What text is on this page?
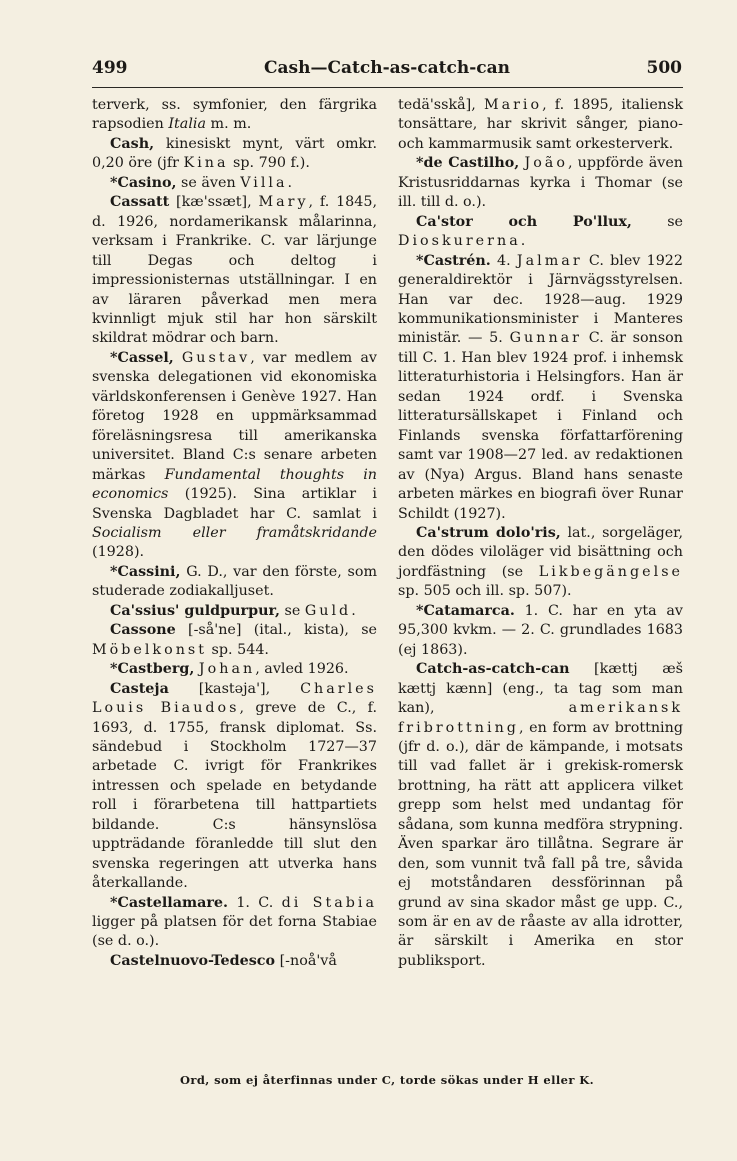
499	Cash—Catch-as-catch-can	500

terverk, ss. symfonier, den färgrika rapsodien Italia m. m.

Cash, kinesiskt mynt, värt omkr. 0,20 öre (jfr Kina sp. 790 f.).

*Casino, se även Villa.

Cassatt [kæ'ssæt], Mary, f. 1845, d. 1926, nordamerikansk målarinna, verksam i Frankrike. C. var lärjunge till Degas och deltog i impressionisternas utställningar. I en av läraren påverkad men mera kvinnligt mjuk stil har hon särskilt skildrat mödrar och barn.

*Cassel, Gustav, var medlem av svenska delegationen vid ekonomiska världskonferensen i Genève 1927. Han företog 1928 en uppmärksammad föreläsningsresa till amerikanska universitet. Bland C:s senare arbeten märkas Fundamental thoughts in economics (1925). Sina artiklar i Svenska Dagbladet har C. samlat i Socialism eller framåtskridande (1928).

*Cassini, G. D., var den förste, som studerade zodiakalljuset.

Ca'ssius' guldpurpur, se Guld.

Cassone [-så'ne] (ital., kista), se Möbelkonst sp. 544.

*Castberg, Johan, avled 1926.

Casteja [kastəja'], Charles Louis Biaudos, greve de C., f. 1693, d. 1755, fransk diplomat. Ss. sändebud i Stockholm 1727—37 arbetade C. ivrigt för Frankrikes intressen och spelade en betydande roll i förarbetena till hattpartiets bildande. C:s hänsynslösa uppträdande föranledde till slut den svenska regeringen att utverka hans återkallande.

*Castellamare. 1. C. di Stabia ligger på platsen för det forna Stabiae (se d. o.).

Castelnuovo-Tedesco [-noå'vå

tedä'sskå], Mario, f. 1895, italiensk tonsättare, har skrivit sånger, piano- och kammarmusik samt orkesterverk.

*de Castilho, João, uppförde även Kristusriddarnas kyrka i Thomar (se ill. till d. o.).

Ca'stor och Po'llux, se Dioskurerna.

*Castrén. 4. Jalmar C. blev 1922 generaldirektör i Järnvägsstyrelsen. Han var dec. 1928—aug. 1929 kommunikationsminister i Manteres ministär. — 5. Gunnar C. är sonson till C. 1. Han blev 1924 prof. i inhemsk litteraturhistoria i Helsingfors. Han är sedan 1924 ordf. i Svenska litteratursällskapet i Finland och Finlands svenska författarförening samt var 1908—27 led. av redaktionen av (Nya) Argus. Bland hans senaste arbeten märkes en biografi över Runar Schildt (1927).

Ca'strum dolo'ris, lat., sorgeläger, den dödes viloläger vid bisättning och jordfästning (se Likbegängelse sp. 505 och ill. sp. 507).

*Catamarca. 1. C. har en yta av 95,300 kvkm. — 2. C. grundlades 1683 (ej 1863).

Catch-as-catch-can [kættj æš kættj kænn] (eng., ta tag som man kan), amerikansk fribrottning, en form av brottning (jfr d. o.), där de kämpande, i motsats till vad fallet är i grekisk-romersk brottning, ha rätt att applicera vilket grepp som helst med undantag för sådana, som kunna medföra strypning. Även sparkar äro tillåtna. Segrare är den, som vunnit två fall på tre, såvida ej motståndaren dessförinnan på grund av sina skador måst ge upp. C., som är en av de råaste av alla idrotter, är särskilt i Amerika en stor publiksport.

Ord, som ej återfinnas under C, torde sökas under H eller K.
